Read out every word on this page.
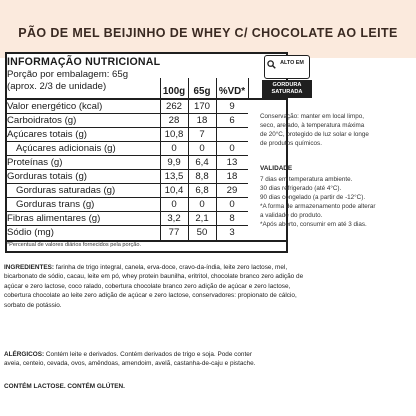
PÃO DE MEL BEIJINHO DE WHEY C/ CHOCOLATE AO LEITE
INFORMAÇÃO NUTRICIONAL
Porção por embalagem: 65g
(aprox. 2/3 de unidade)	100g 65g %VD*
Valor energético (kcal)	262	170	9
Carboidratos (g)	28	18	6
Açúcares totais (g)	10,8	7
Açúcares adicionais (g)	0	0	0
Proteínas (g)	9,9	6,4	13
Gorduras totais (g)	13,5	8,8	18
Gorduras saturadas (g)	10,4	6,8	29
Gorduras trans (g)	0	0	0
Fibras alimentares (g)	3,2	2,1	8
Sódio (mg)	77	50	3
*Percentual de valores diários fornecidos pela porção.
ALTO EM
GORDURA
SATURADA
Conservação: manter em local limpo,
seco, arejado, à temperatura máxima
de 20°C, protegido de luz solar e longe
de produtos químicos.
VALIDADE
7 dias em temperatura ambiente.
30 dias refrigerado (até 4°C).
90 dias congelado (a partir de -12°C).
*A forma de armazenamento pode alterar
a validade do produto.
*Após aberto, consumir em até 3 dias.
INGREDIENTES: farinha de trigo integral, canela, erva-doce, cravo-da-índia, leite zero lactose, mel, bicarbonato de sódio, cacau, leite em pó, whey protein baunilha, eritritol, chocolate branco zero adição de açúcar e zero lactose, coco ralado, cobertura chocolate branco zero adição de açúcar e zero lactose, cobertura chocolate ao leite zero adição de açúcar e zero lactose, conservadores: propionato de cálcio, sorbato de potássio.
ALÉRGICOS: Contém leite e derivados. Contém derivados de trigo e soja. Pode conter aveia, centeio, cevada, ovos, amêndoas, amendoim, avelã, castanha-de-caju e pistache.
CONTÉM LACTOSE. CONTÉM GLÚTEN.
